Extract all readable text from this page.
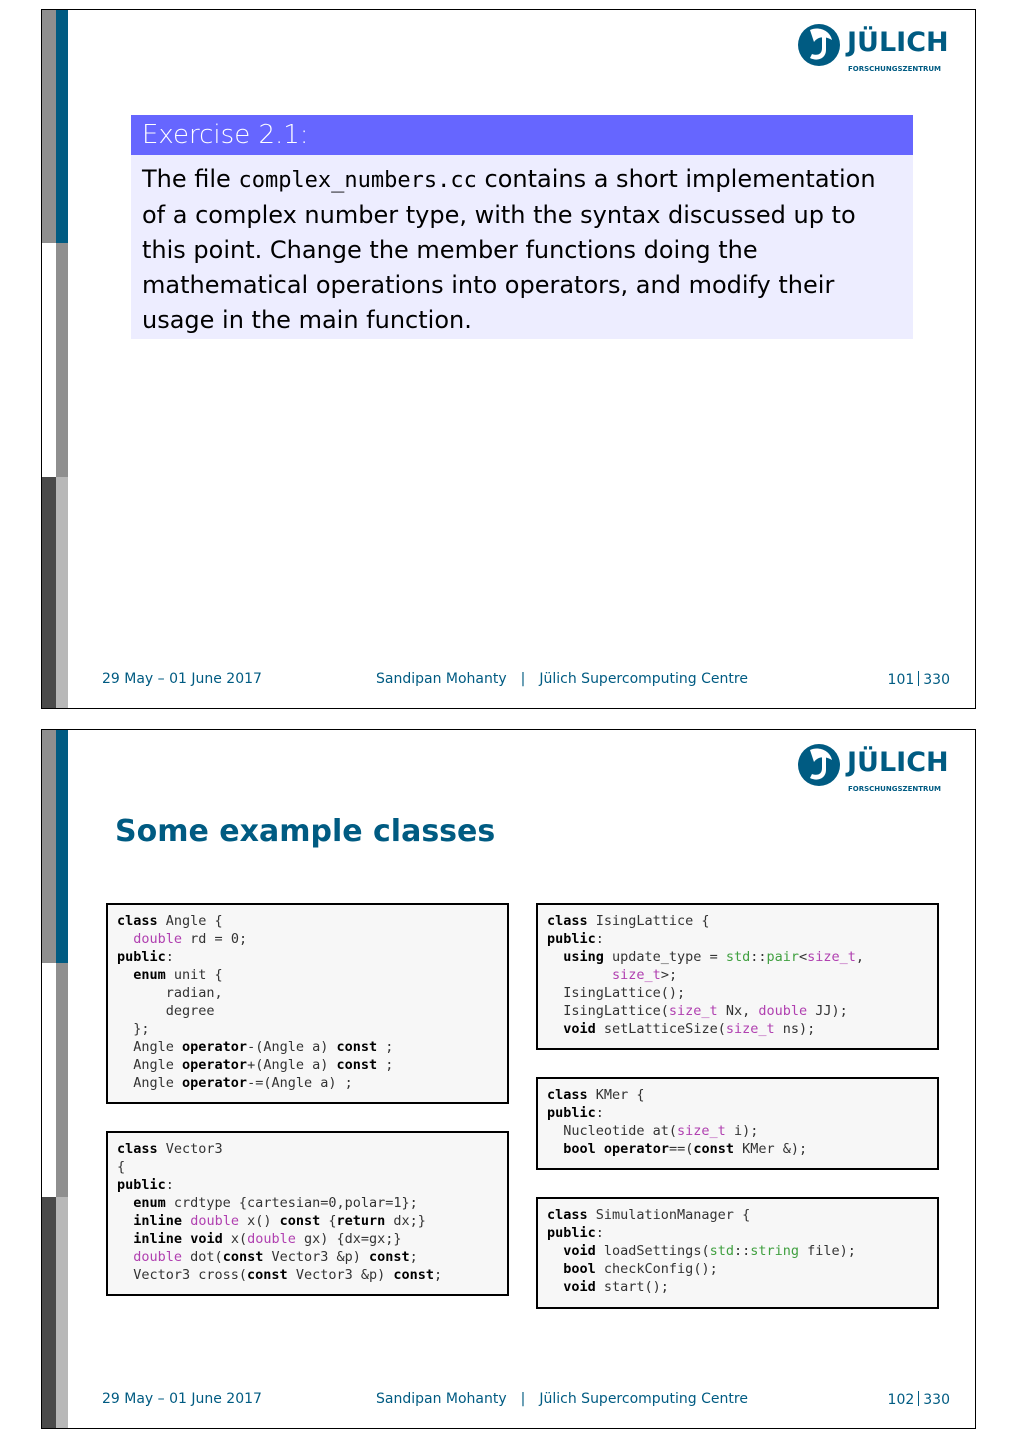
JÜLICH
FORSCHUNGSZENTRUM
Exercise 2.1:
The file complex_numbers.cc contains a short implementation of a complex number type, with the syntax discussed up to this point. Change the member functions doing the mathematical operations into operators, and modify their usage in the main function.
29 May – 01 June 2017	Sandipan Mohanty | Jülich Supercomputing Centre	101 330
JÜLICH
FORSCHUNGSZENTRUM
Some example classes
class Angle {
double rd = 0;
public:
enum unit {
radian,
degree
};
Angle operator-(Angle a) const ;
Angle operator+(Angle a) const ;
Angle operator-=(Angle a) ;
class Vector3
{
public:
enum crdtype {cartesian=0,polar=1};
inline double x() const {return dx;}
inline void x(double gx) {dx=gx;}
double dot(const Vector3 &p) const;
Vector3 cross(const Vector3 &p) const;
class IsingLattice {
public:
using update_type = std::pair<size_t,
size_t>;
IsingLattice();
IsingLattice(size_t Nx, double JJ);
void setLatticeSize(size_t ns);
class KMer {
public:
Nucleotide at(size_t i);
bool operator==(const KMer &);
class SimulationManager {
public:
void loadSettings(std::string file);
bool checkConfig();
void start();
29 May – 01 June 2017	Sandipan Mohanty | Jülich Supercomputing Centre	102 330
